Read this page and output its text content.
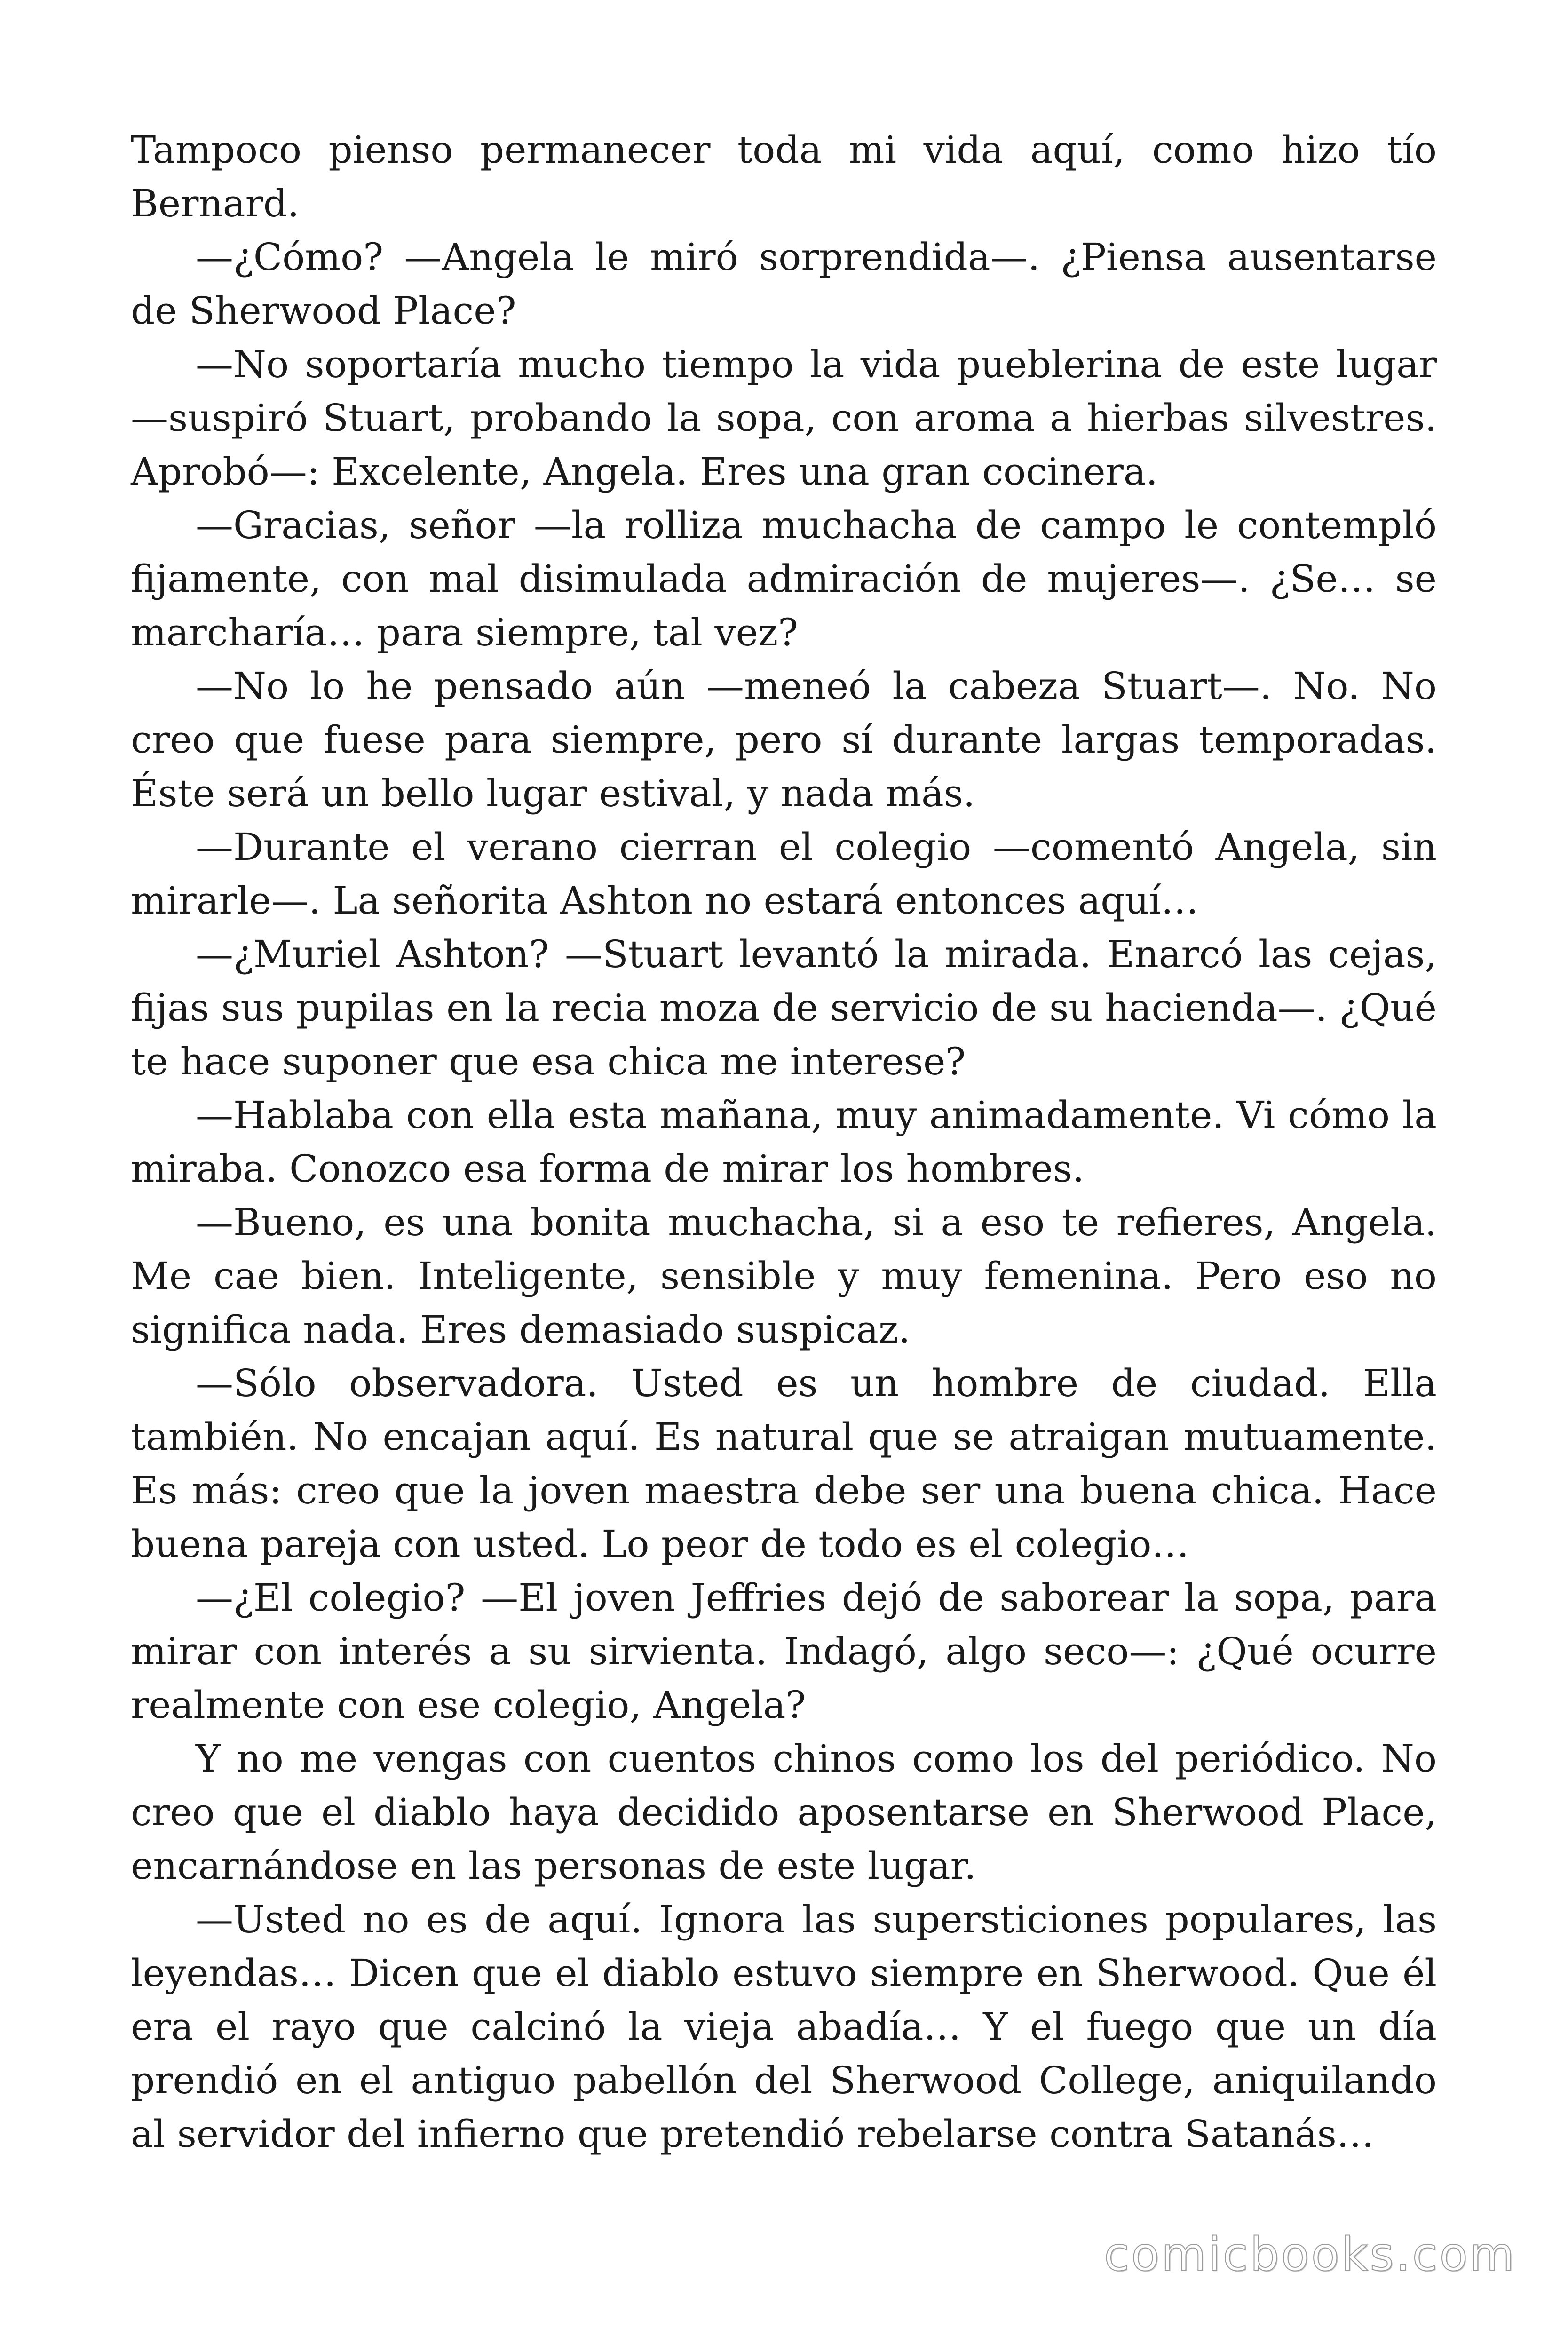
Tampoco pienso permanecer toda mi vida aquí, como hizo tío Bernard.

—¿Cómo? —Angela le miró sorprendida—. ¿Piensa ausentarse de Sherwood Place?

—No soportaría mucho tiempo la vida pueblerina de este lugar —suspiró Stuart, probando la sopa, con aroma a hierbas silvestres. Aprobó—: Excelente, Angela. Eres una gran cocinera.

—Gracias, señor —la rolliza muchacha de campo le contempló fijamente, con mal disimulada admiración de mujeres—. ¿Se… se marcharía… para siempre, tal vez?

—No lo he pensado aún —meneó la cabeza Stuart—. No. No creo que fuese para siempre, pero sí durante largas temporadas. Éste será un bello lugar estival, y nada más.

—Durante el verano cierran el colegio —comentó Angela, sin mirarle—. La señorita Ashton no estará entonces aquí…

—¿Muriel Ashton? —Stuart levantó la mirada. Enarcó las cejas, fijas sus pupilas en la recia moza de servicio de su hacienda—. ¿Qué te hace suponer que esa chica me interese?

—Hablaba con ella esta mañana, muy animadamente. Vi cómo la miraba. Conozco esa forma de mirar los hombres.

—Bueno, es una bonita muchacha, si a eso te refieres, Angela. Me cae bien. Inteligente, sensible y muy femenina. Pero eso no significa nada. Eres demasiado suspicaz.

—Sólo observadora. Usted es un hombre de ciudad. Ella también. No encajan aquí. Es natural que se atraigan mutuamente. Es más: creo que la joven maestra debe ser una buena chica. Hace buena pareja con usted. Lo peor de todo es el colegio…

—¿El colegio? —El joven Jeffries dejó de saborear la sopa, para mirar con interés a su sirvienta. Indagó, algo seco—: ¿Qué ocurre realmente con ese colegio, Angela?

Y no me vengas con cuentos chinos como los del periódico. No creo que el diablo haya decidido aposentarse en Sherwood Place, encarnándose en las personas de este lugar.

—Usted no es de aquí. Ignora las supersticiones populares, las leyendas… Dicen que el diablo estuvo siempre en Sherwood. Que él era el rayo que calcinó la vieja abadía… Y el fuego que un día prendió en el antiguo pabellón del Sherwood College, aniquilando al servidor del infierno que pretendió rebelarse contra Satanás…

comicbooks.com
